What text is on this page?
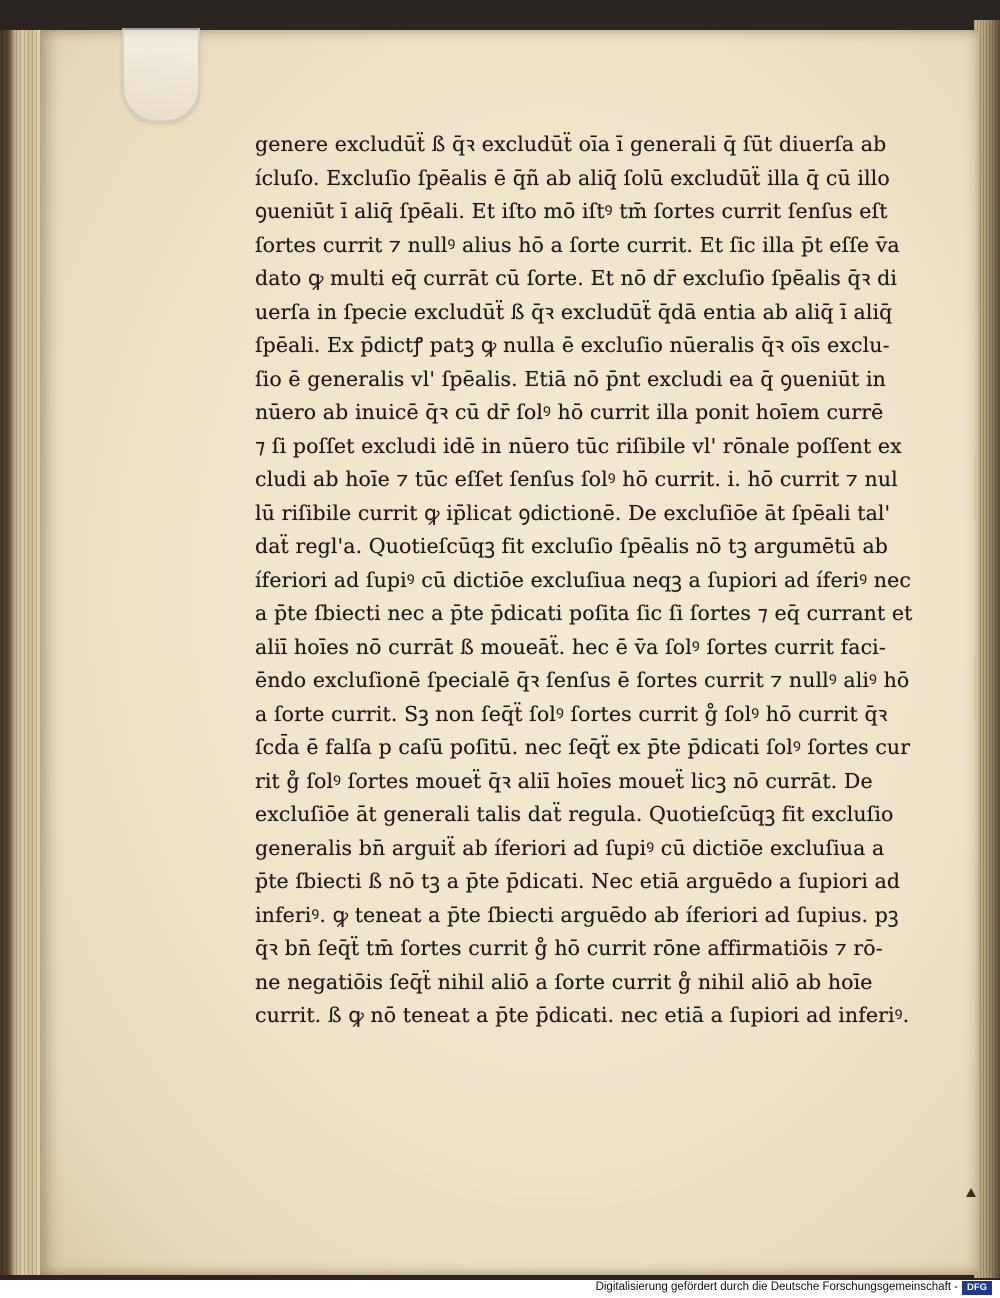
genere excludūẗ ß q̄ꝛ excludūẗ oīa ī generali q̄ ſūt diuerſa ab
ícluſo. Excluſio ſpēalis ē q̄ñ ab aliq̄ ſolū excludūẗ illa q̄ cū illo
ꝯueniūt ī aliq̄ ſpēali. Et iſto mō iſtꝰ tm̄ ſortes currit ſenſus eſt
ſortes currit ⁊ nullꝰ alius hō a ſorte currit. Et ſic illa p̄t eſſe v̄a
dato ꝙ multi eq̄ currāt cū ſorte. Et nō dr̄ excluſio ſpēalis q̄ꝛ di
uerſa in ſpecie excludūẗ ß q̄ꝛ excludūẗ q̄dā entia ab aliq̄ ī aliq̄
ſpēali. Ex p̄dictꝭ patꝫ ꝙ nulla ē excluſio nūeralis q̄ꝛ oīs exclu-
ſio ē generalis vl' ſpēalis. Etiā nō p̄nt excludi ea q̄ ꝯueniūt in
nūero ab inuicē q̄ꝛ cū dr̄ ſolꝰ hō currit illa ponit hoīem currē
⁊ ſi poſſet excludi idē in nūero tūc riſibile vl' rōnale poſſent ex
cludi ab hoīe ⁊ tūc eſſet ſenſus ſolꝰ hō currit. i. hō currit ⁊ nul
lū riſibile currit ꝙ ip̄licat ꝯdictionē. De excluſiōe āt ſpēali tal'
daẗ regl'a. Quotieſcūqꝫ fit excluſio ſpēalis nō tꝫ argumētū ab
íferiori ad ſupiꝰ cū dictiōe excluſiua neqꝫ a ſupiori ad íferiꝰ nec
a p̄te ſbiecti nec a p̄te p̄dicati poſita ſic ſi ſortes ⁊ eq̄ currant et
aliī hoīes nō currāt ß moueāẗ. hec ē v̄a ſolꝰ ſortes currit faci-
ēndo excluſionē ſpecialē q̄ꝛ ſenſus ē ſortes currit ⁊ nullꝰ aliꝰ hō
a ſorte currit. Sꝫ non ſeq̄ẗ ſolꝰ ſortes currit g̊ ſolꝰ hō currit q̄ꝛ
ſcd̄a ē falſa p caſū poſitū. nec ſeq̄ẗ ex p̄te p̄dicati ſolꝰ ſortes cur
rit g̊ ſolꝰ ſortes moueẗ q̄ꝛ aliī hoīes moueẗ licꝫ nō currāt. De
excluſiōe āt generali talis daẗ regula. Quotieſcūqꝫ fit excluſio
generalis bn̄ arguiẗ ab íferiori ad ſupiꝰ cū dictiōe excluſiua a
p̄te ſbiecti ß nō tꝫ a p̄te p̄dicati. Nec etiā arguēdo a ſupiori ad
inferiꝰ. ꝙ teneat a p̄te ſbiecti arguēdo ab íferiori ad ſupius. pꝫ
q̄ꝛ bn̄ ſeq̄ẗ tm̄ ſortes currit g̊ hō currit rōne affirmatiōis ⁊ rō-
ne negatiōis ſeq̄ẗ nihil aliō a ſorte currit g̊ nihil aliō ab hoīe
currit. ß ꝙ nō teneat a p̄te p̄dicati. nec etiā a ſupiori ad inferiꝰ.
Digitalisierung gefördert durch die Deutsche Forschungsgemeinschaft - DFG
